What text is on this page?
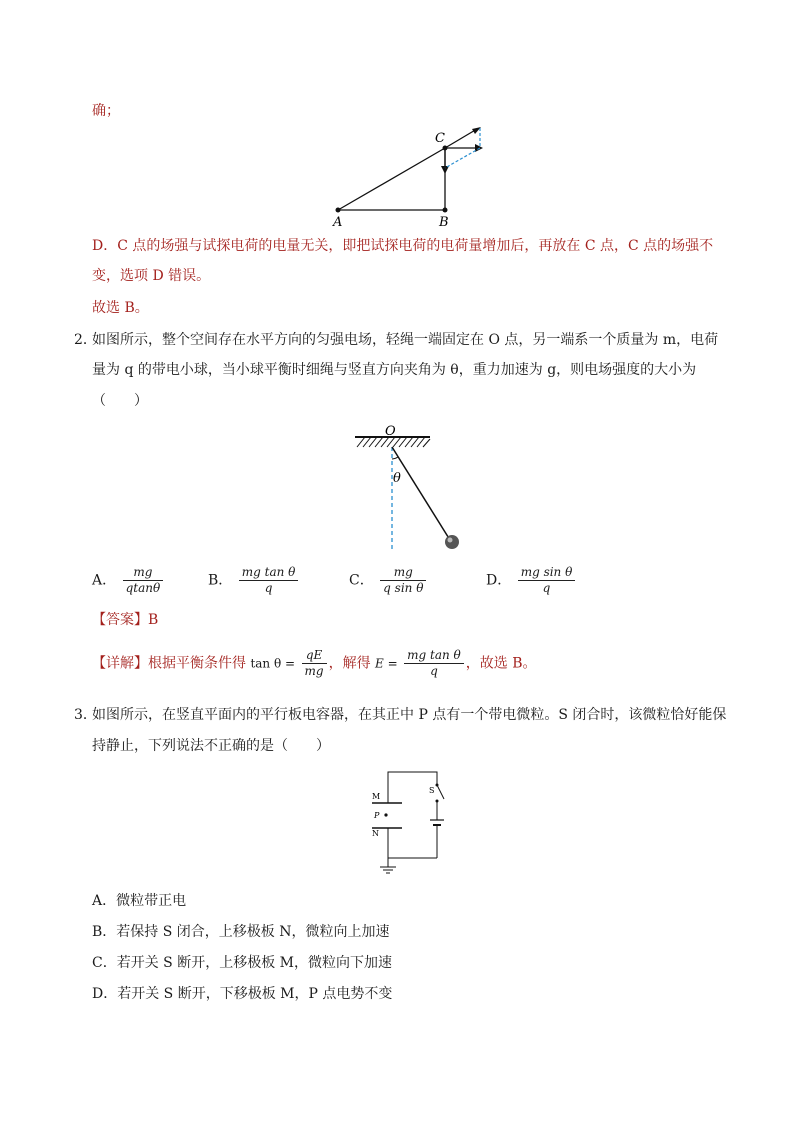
确；
A	B
C
D．C 点的场强与试探电荷的电量无关，即把试探电荷的电荷量增加后，再放在 C 点，C 点的场强不
变，选项 D 错误。
故选 B。
2．
如图所示，整个空间存在水平方向的匀强电场，轻绳一端固定在 O 点，另一端系一个质量为 m，电荷
量为 q 的带电小球，当小球平衡时细绳与竖直方向夹角为 θ，重力加速为 g，则电场强度的大小为
（　　）
O
θ
A． $\frac{mg}{qtan\theta}$	B． $\frac{\text{mg tan θ}}{q}$	C． $\frac{mg}{\text{q sin θ}}$	D． $\frac{\text{mg sin θ}}{q}$
【答案】B
【详解】根据平衡条件得 $\tan \theta = \frac{qE}{mg}$ ，解得 $E = \frac{\text{mg tan θ}}{q}$ ，故选 B。
3．
如图所示，在竖直平面内的平行板电容器，在其正中 P 点有一个带电微粒。S 闭合时，该微粒恰好能保
持静止，下列说法不正确的是（　　）
M
N
P
S
A．微粒带正电
B．若保持 S 闭合，上移极板 N，微粒向上加速
C．若开关 S 断开，上移极板 M，微粒向下加速
D．若开关 S 断开，下移极板 M，P 点电势不变
